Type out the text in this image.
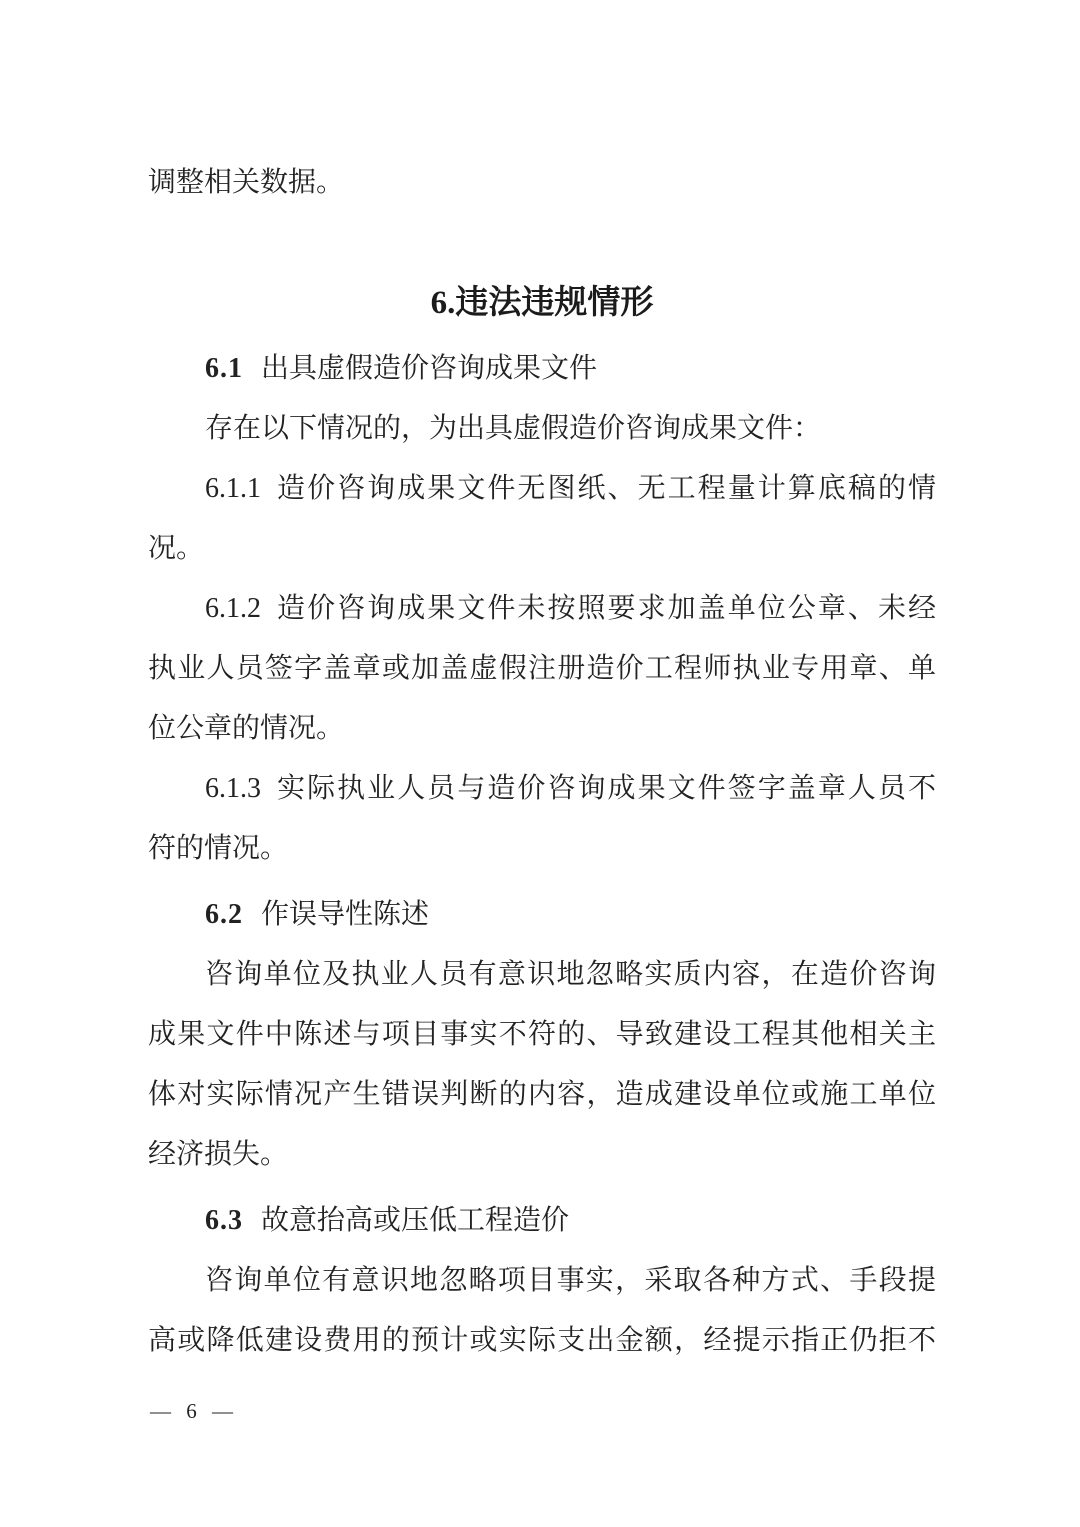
调整相关数据。
6.违法违规情形
6.1 出具虚假造价咨询成果文件
存在以下情况的，为出具虚假造价咨询成果文件：
6.1.1 造价咨询成果文件无图纸、无工程量计算底稿的情
况。
6.1.2 造价咨询成果文件未按照要求加盖单位公章、未经
执业人员签字盖章或加盖虚假注册造价工程师执业专用章、单
位公章的情况。
6.1.3 实际执业人员与造价咨询成果文件签字盖章人员不
符的情况。
6.2 作误导性陈述
咨询单位及执业人员有意识地忽略实质内容，在造价咨询
成果文件中陈述与项目事实不符的、导致建设工程其他相关主
体对实际情况产生错误判断的内容，造成建设单位或施工单位
经济损失。
6.3 故意抬高或压低工程造价
咨询单位有意识地忽略项目事实，采取各种方式、手段提
高或降低建设费用的预计或实际支出金额，经提示指正仍拒不
— 6 —
